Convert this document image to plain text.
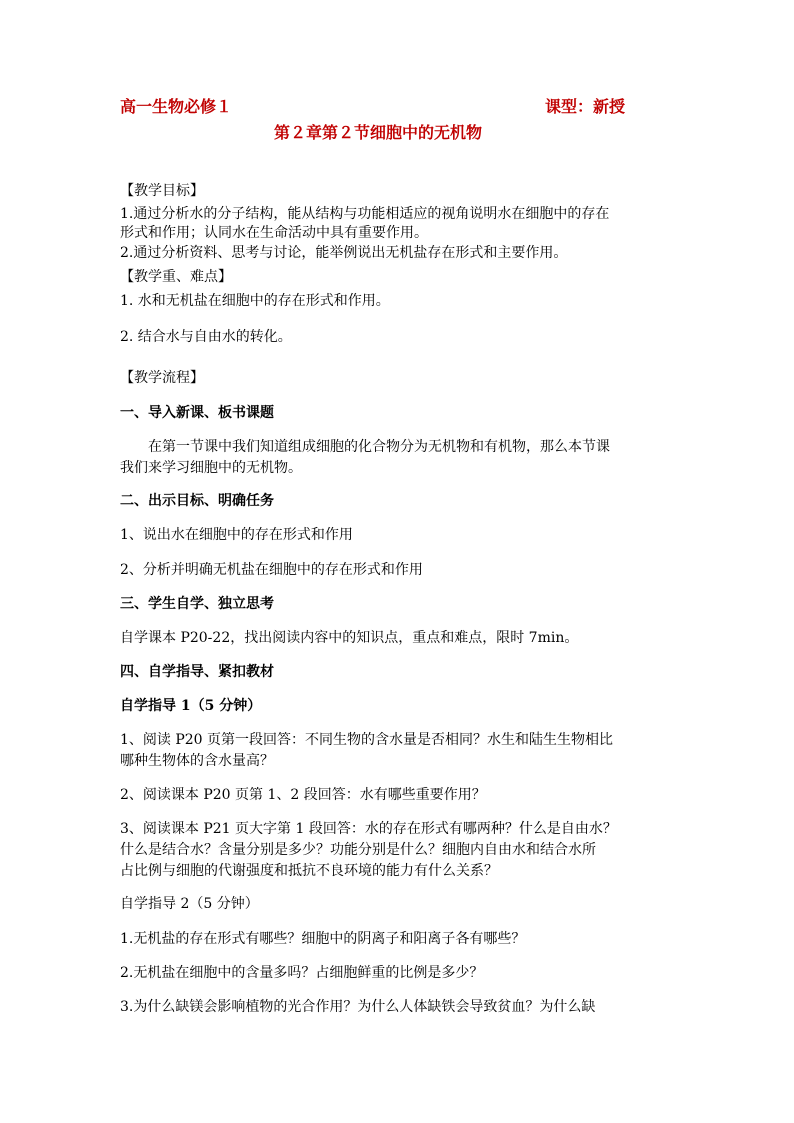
高一生物必修１	课型：新授
第２章第２节细胞中的无机物
【教学目标】
1.通过分析水的分子结构，能从结构与功能相适应的视角说明水在细胞中的存在
形式和作用；认同水在生命活动中具有重要作用。
2.通过分析资料、思考与讨论，能举例说出无机盐存在形式和主要作用。
【教学重、难点】
1. 水和无机盐在细胞中的存在形式和作用。
2. 结合水与自由水的转化。
【教学流程】
一、导入新课、板书课题
在第一节课中我们知道组成细胞的化合物分为无机物和有机物，那么本节课
我们来学习细胞中的无机物。
二、出示目标、明确任务
1、说出水在细胞中的存在形式和作用
2、分析并明确无机盐在细胞中的存在形式和作用
三、学生自学、独立思考
自学课本 P20-22，找出阅读内容中的知识点，重点和难点，限时 7min。
四、自学指导、紧扣教材
自学指导 1（5 分钟）
1、阅读 P20 页第一段回答：不同生物的含水量是否相同？水生和陆生生物相比
哪种生物体的含水量高？
2、阅读课本 P20 页第 1、2 段回答：水有哪些重要作用？
3、阅读课本 P21 页大字第 1 段回答：水的存在形式有哪两种？什么是自由水？
什么是结合水？含量分别是多少？功能分别是什么？细胞内自由水和结合水所
占比例与细胞的代谢强度和抵抗不良环境的能力有什么关系？
自学指导 2（5 分钟）
1.无机盐的存在形式有哪些？细胞中的阴离子和阳离子各有哪些？
2.无机盐在细胞中的含量多吗？占细胞鲜重的比例是多少？
3.为什么缺镁会影响植物的光合作用？为什么人体缺铁会导致贫血？为什么缺
